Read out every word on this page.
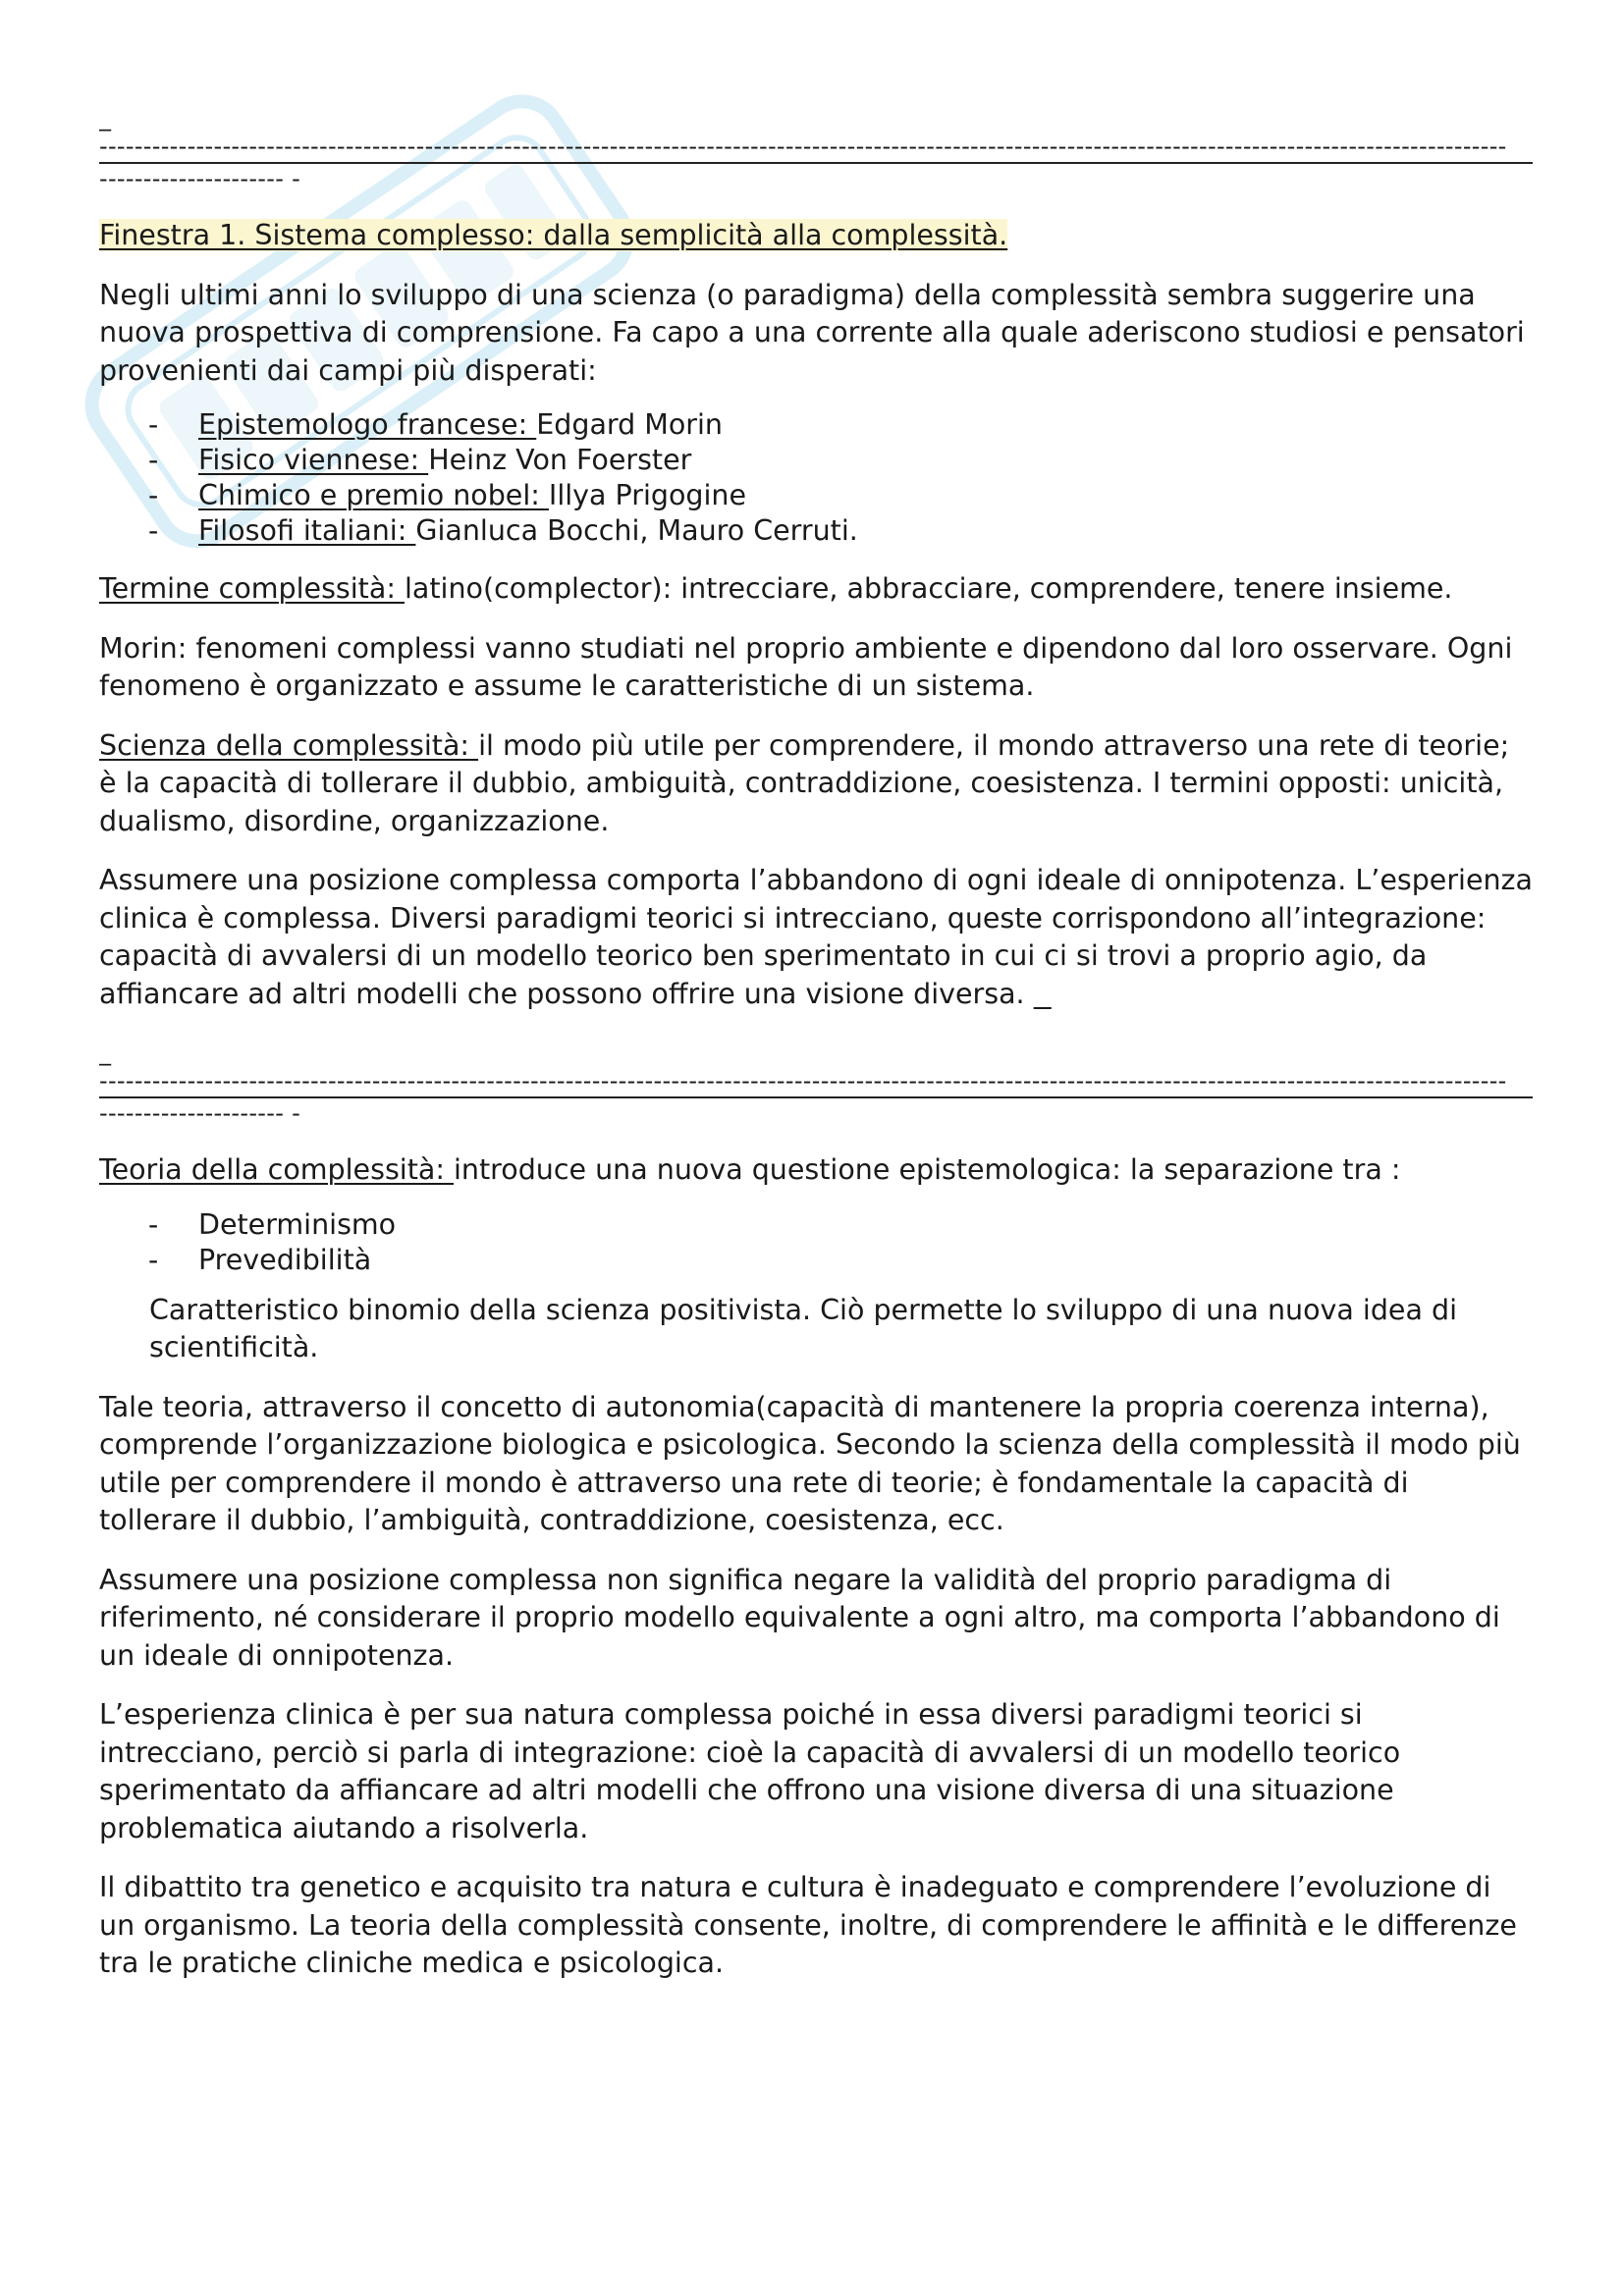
_
----------------------------------------------------------------------------------------------------------------------------------------------------------------
--------------------- -

Finestra 1. Sistema complesso: dalla semplicità alla complessità.

Negli ultimi anni lo sviluppo di una scienza (o paradigma) della complessità sembra suggerire una nuova prospettiva di comprensione. Fa capo a una corrente alla quale aderiscono studiosi e pensatori provenienti dai campi più disperati:

- Epistemologo francese: Edgard Morin
- Fisico viennese: Heinz Von Foerster
- Chimico e premio nobel: Illya Prigogine
- Filosofi italiani: Gianluca Bocchi, Mauro Cerruti.

Termine complessità: latino(complector): intrecciare, abbracciare, comprendere, tenere insieme.

Morin: fenomeni complessi vanno studiati nel proprio ambiente e dipendono dal loro osservare. Ogni fenomeno è organizzato e assume le caratteristiche di un sistema.

Scienza della complessità: il modo più utile per comprendere, il mondo attraverso una rete di teorie; è la capacità di tollerare il dubbio, ambiguità, contraddizione, coesistenza. I termini opposti: unicità, dualismo, disordine, organizzazione.

Assumere una posizione complessa comporta l’abbandono di ogni ideale di onnipotenza. L’esperienza clinica è complessa. Diversi paradigmi teorici si intrecciano, queste corrispondono all’integrazione: capacità di avvalersi di un modello teorico ben sperimentato in cui ci si trovi a proprio agio, da affiancare ad altri modelli che possono offrire una visione diversa.

_
----------------------------------------------------------------------------------------------------------------------------------------------------------------
--------------------- -

Teoria della complessità: introduce una nuova questione epistemologica: la separazione tra :

- Determinismo
- Prevedibilità

Caratteristico binomio della scienza positivista. Ciò permette lo sviluppo di una nuova idea di scientificità.

Tale teoria, attraverso il concetto di autonomia(capacità di mantenere la propria coerenza interna), comprende l’organizzazione biologica e psicologica. Secondo la scienza della complessità il modo più utile per comprendere il mondo è attraverso una rete di teorie; è fondamentale la capacità di tollerare il dubbio, l’ambiguità, contraddizione, coesistenza, ecc.

Assumere una posizione complessa non significa negare la validità del proprio paradigma di riferimento, né considerare il proprio modello equivalente a ogni altro, ma comporta l’abbandono di un ideale di onnipotenza.

L’esperienza clinica è per sua natura complessa poiché in essa diversi paradigmi teorici si intrecciano, perciò si parla di integrazione: cioè la capacità di avvalersi di un modello teorico sperimentato da affiancare ad altri modelli che offrono una visione diversa di una situazione problematica aiutando a risolverla.

Il dibattito tra genetico e acquisito tra natura e cultura è inadeguato e comprendere l’evoluzione di un organismo. La teoria della complessità consente, inoltre, di comprendere le affinità e le differenze tra le pratiche cliniche medica e psicologica.
